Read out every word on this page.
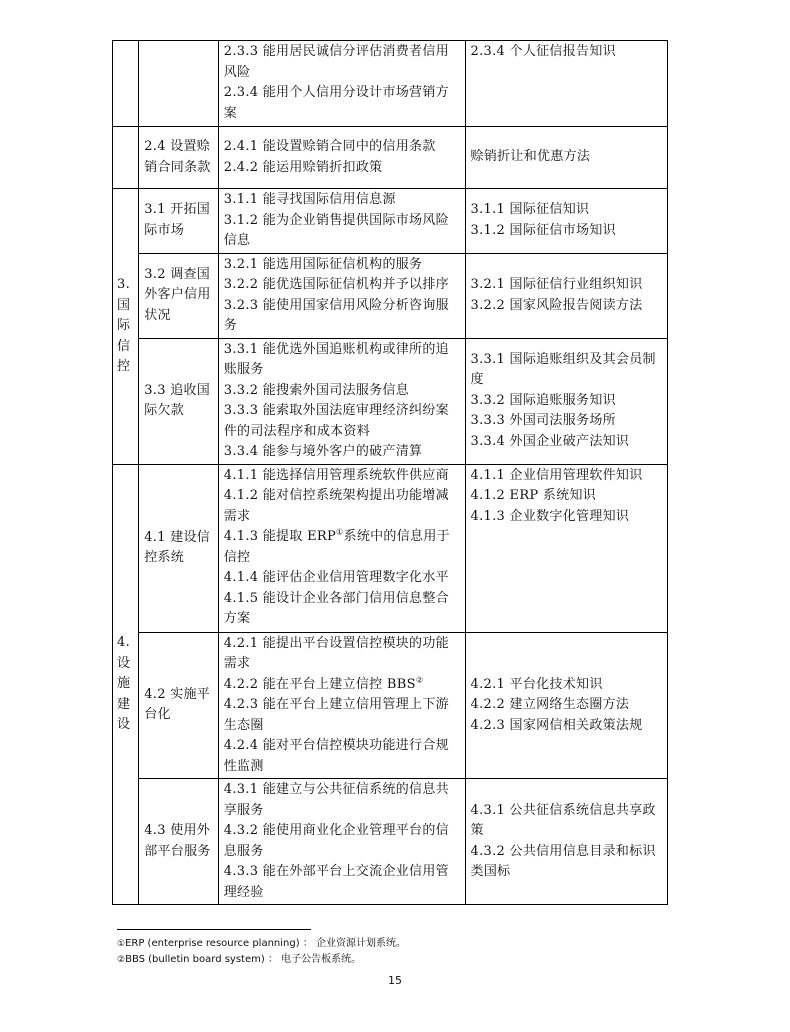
		2.3.3 能用居民诚信分评估消费者信用风险
2.3.4 能用个人信用分设计市场营销方案	2.3.4 个人征信报告知识

	2.4 设置赊销合同条款	2.4.1 能设置赊销合同中的信用条款
2.4.2 能运用赊销折扣政策	赊销折让和优惠方法

3. 国际信控	3.1 开拓国际市场	3.1.1 能寻找国际信用信息源
3.1.2 能为企业销售提供国际市场风险信息	3.1.1 国际征信知识
3.1.2 国际征信市场知识

	3.2 调查国外客户信用状况	3.2.1 能选用国际征信机构的服务
3.2.2 能优选国际征信机构并予以排序
3.2.3 能使用国家信用风险分析咨询服务	3.2.1 国际征信行业组织知识
3.2.2 国家风险报告阅读方法

	3.3 追收国际欠款	3.3.1 能优选外国追账机构或律所的追账服务
3.3.2 能搜索外国司法服务信息
3.3.3 能索取外国法庭审理经济纠纷案件的司法程序和成本资料
3.3.4 能参与境外客户的破产清算	3.3.1 国际追账组织及其会员制度
3.3.2 国际追账服务知识
3.3.3 外国司法服务场所
3.3.4 外国企业破产法知识

4. 设施建设	4.1 建设信控系统	4.1.1 能选择信用管理系统软件供应商
4.1.2 能对信控系统架构提出功能增减需求
4.1.3 能提取 ERP①系统中的信息用于信控
4.1.4 能评估企业信用管理数字化水平
4.1.5 能设计企业各部门信用信息整合方案	4.1.1 企业信用管理软件知识
4.1.2 ERP 系统知识
4.1.3 企业数字化管理知识

	4.2 实施平台化	4.2.1 能提出平台设置信控模块的功能需求
4.2.2 能在平台上建立信控 BBS②
4.2.3 能在平台上建立信用管理上下游生态圈
4.2.4 能对平台信控模块功能进行合规性监测	4.2.1 平台化技术知识
4.2.2 建立网络生态圈方法
4.2.3 国家网信相关政策法规

	4.3 使用外部平台服务	4.3.1 能建立与公共征信系统的信息共享服务
4.3.2 能使用商业化企业管理平台的信息服务
4.3.3 能在外部平台上交流企业信用管理经验	4.3.1 公共征信系统信息共享政策
4.3.2 公共信用信息目录和标识类国标
①ERP (enterprise resource planning) ： 企业资源计划系统。
②BBS (bulletin board system) ： 电子公告板系统。
15
